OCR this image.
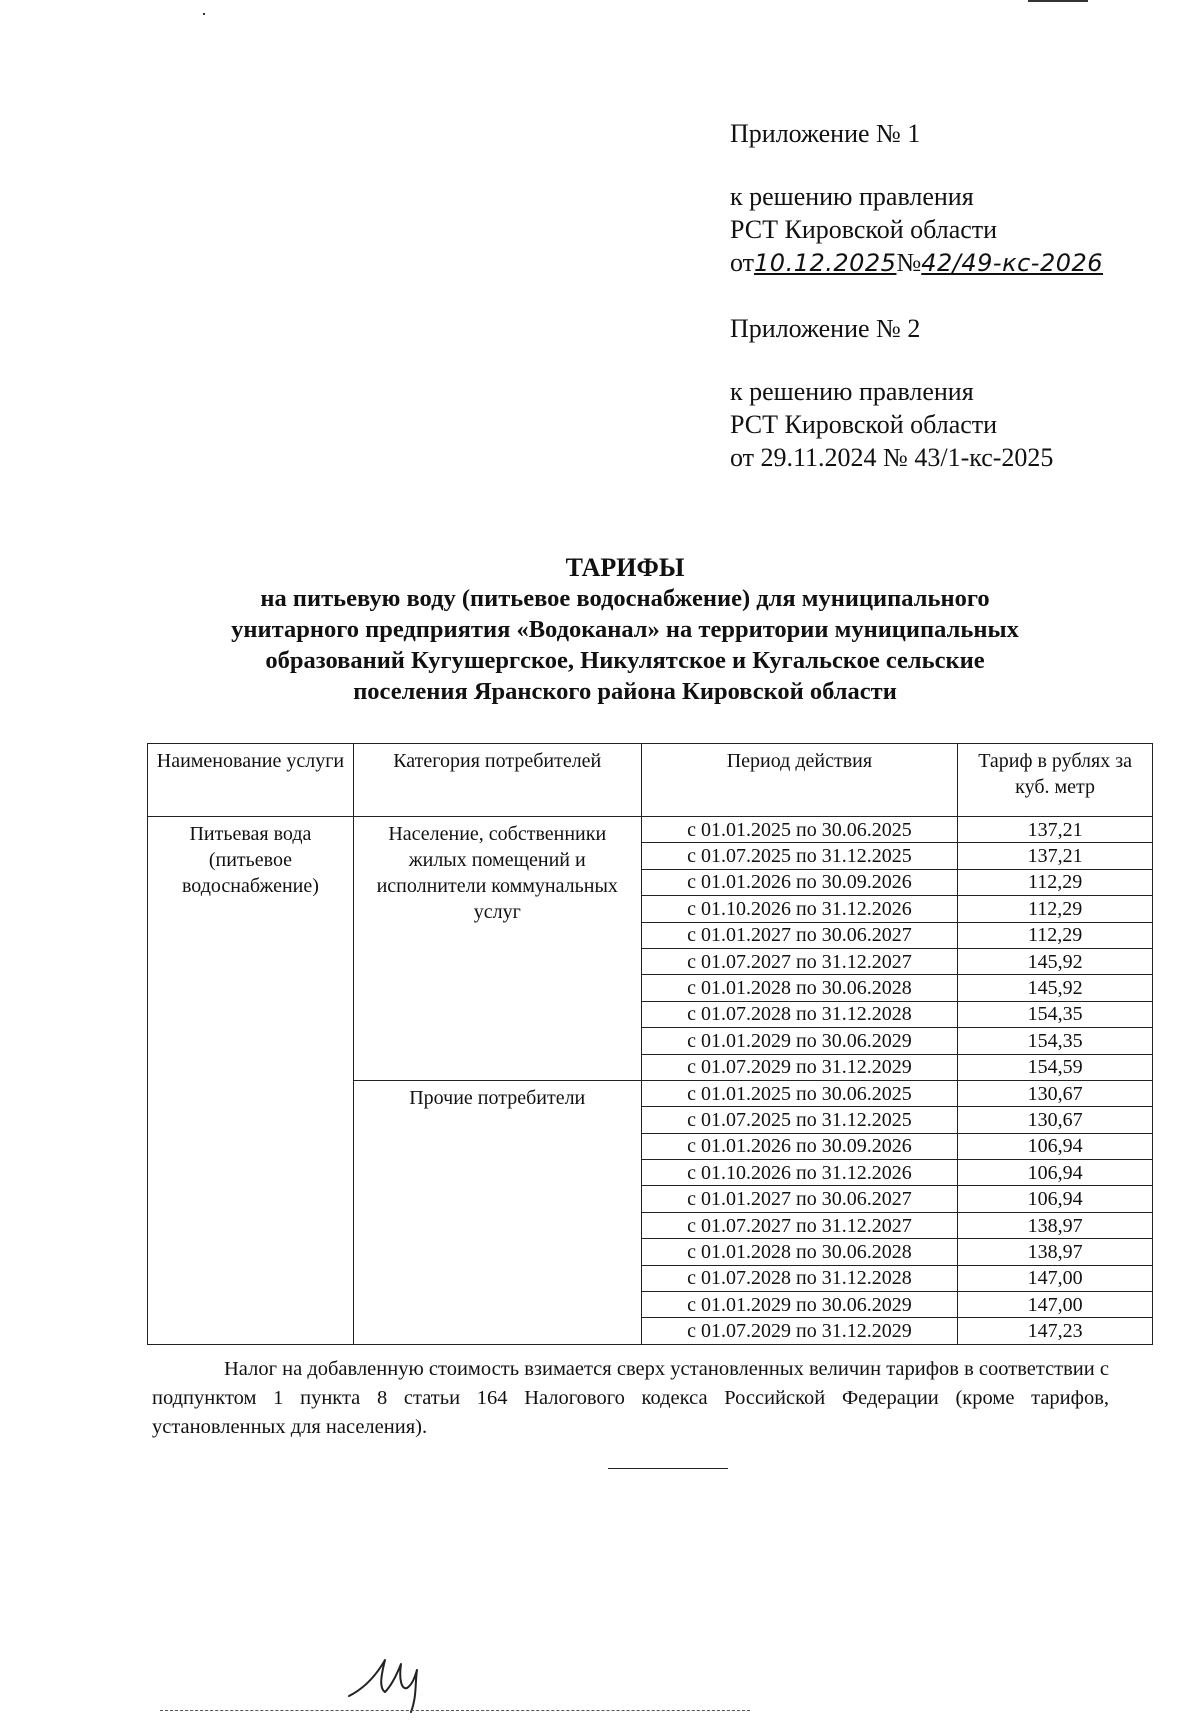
Приложение № 1

к решению правления
РСТ Кировской области
от10.12.2025№42/49-кс-2026

Приложение № 2

к решению правления
РСТ Кировской области
от 29.11.2024 № 43/1-кс-2025
ТАРИФЫ
на питьевую воду (питьевое водоснабжение) для муниципального
унитарного предприятия «Водоканал» на территории муниципальных
образований Кугушергское, Никулятское и Кугальское сельские
поселения Яранского района Кировской области
Наименование услуги	Категория потребителей	Период действия	Тариф в рублях за куб. метр
Питьевая вода (питьевое водоснабжение)	Население, собственники жилых помещений и исполнители коммунальных услуг	с 01.01.2025 по 30.06.2025	137,21
		с 01.07.2025 по 31.12.2025	137,21
		с 01.01.2026 по 30.09.2026	112,29
		с 01.10.2026 по 31.12.2026	112,29
		с 01.01.2027 по 30.06.2027	112,29
		с 01.07.2027 по 31.12.2027	145,92
		с 01.01.2028 по 30.06.2028	145,92
		с 01.07.2028 по 31.12.2028	154,35
		с 01.01.2029 по 30.06.2029	154,35
		с 01.07.2029 по 31.12.2029	154,59
	Прочие потребители	с 01.01.2025 по 30.06.2025	130,67
		с 01.07.2025 по 31.12.2025	130,67
		с 01.01.2026 по 30.09.2026	106,94
		с 01.10.2026 по 31.12.2026	106,94
		с 01.01.2027 по 30.06.2027	106,94
		с 01.07.2027 по 31.12.2027	138,97
		с 01.01.2028 по 30.06.2028	138,97
		с 01.07.2028 по 31.12.2028	147,00
		с 01.01.2029 по 30.06.2029	147,00
		с 01.07.2029 по 31.12.2029	147,23

Налог на добавленную стоимость взимается сверх установленных величин тарифов в соответствии с подпунктом 1 пункта 8 статьи 164 Налогового кодекса Российской Федерации (кроме тарифов, установленных для населения).
